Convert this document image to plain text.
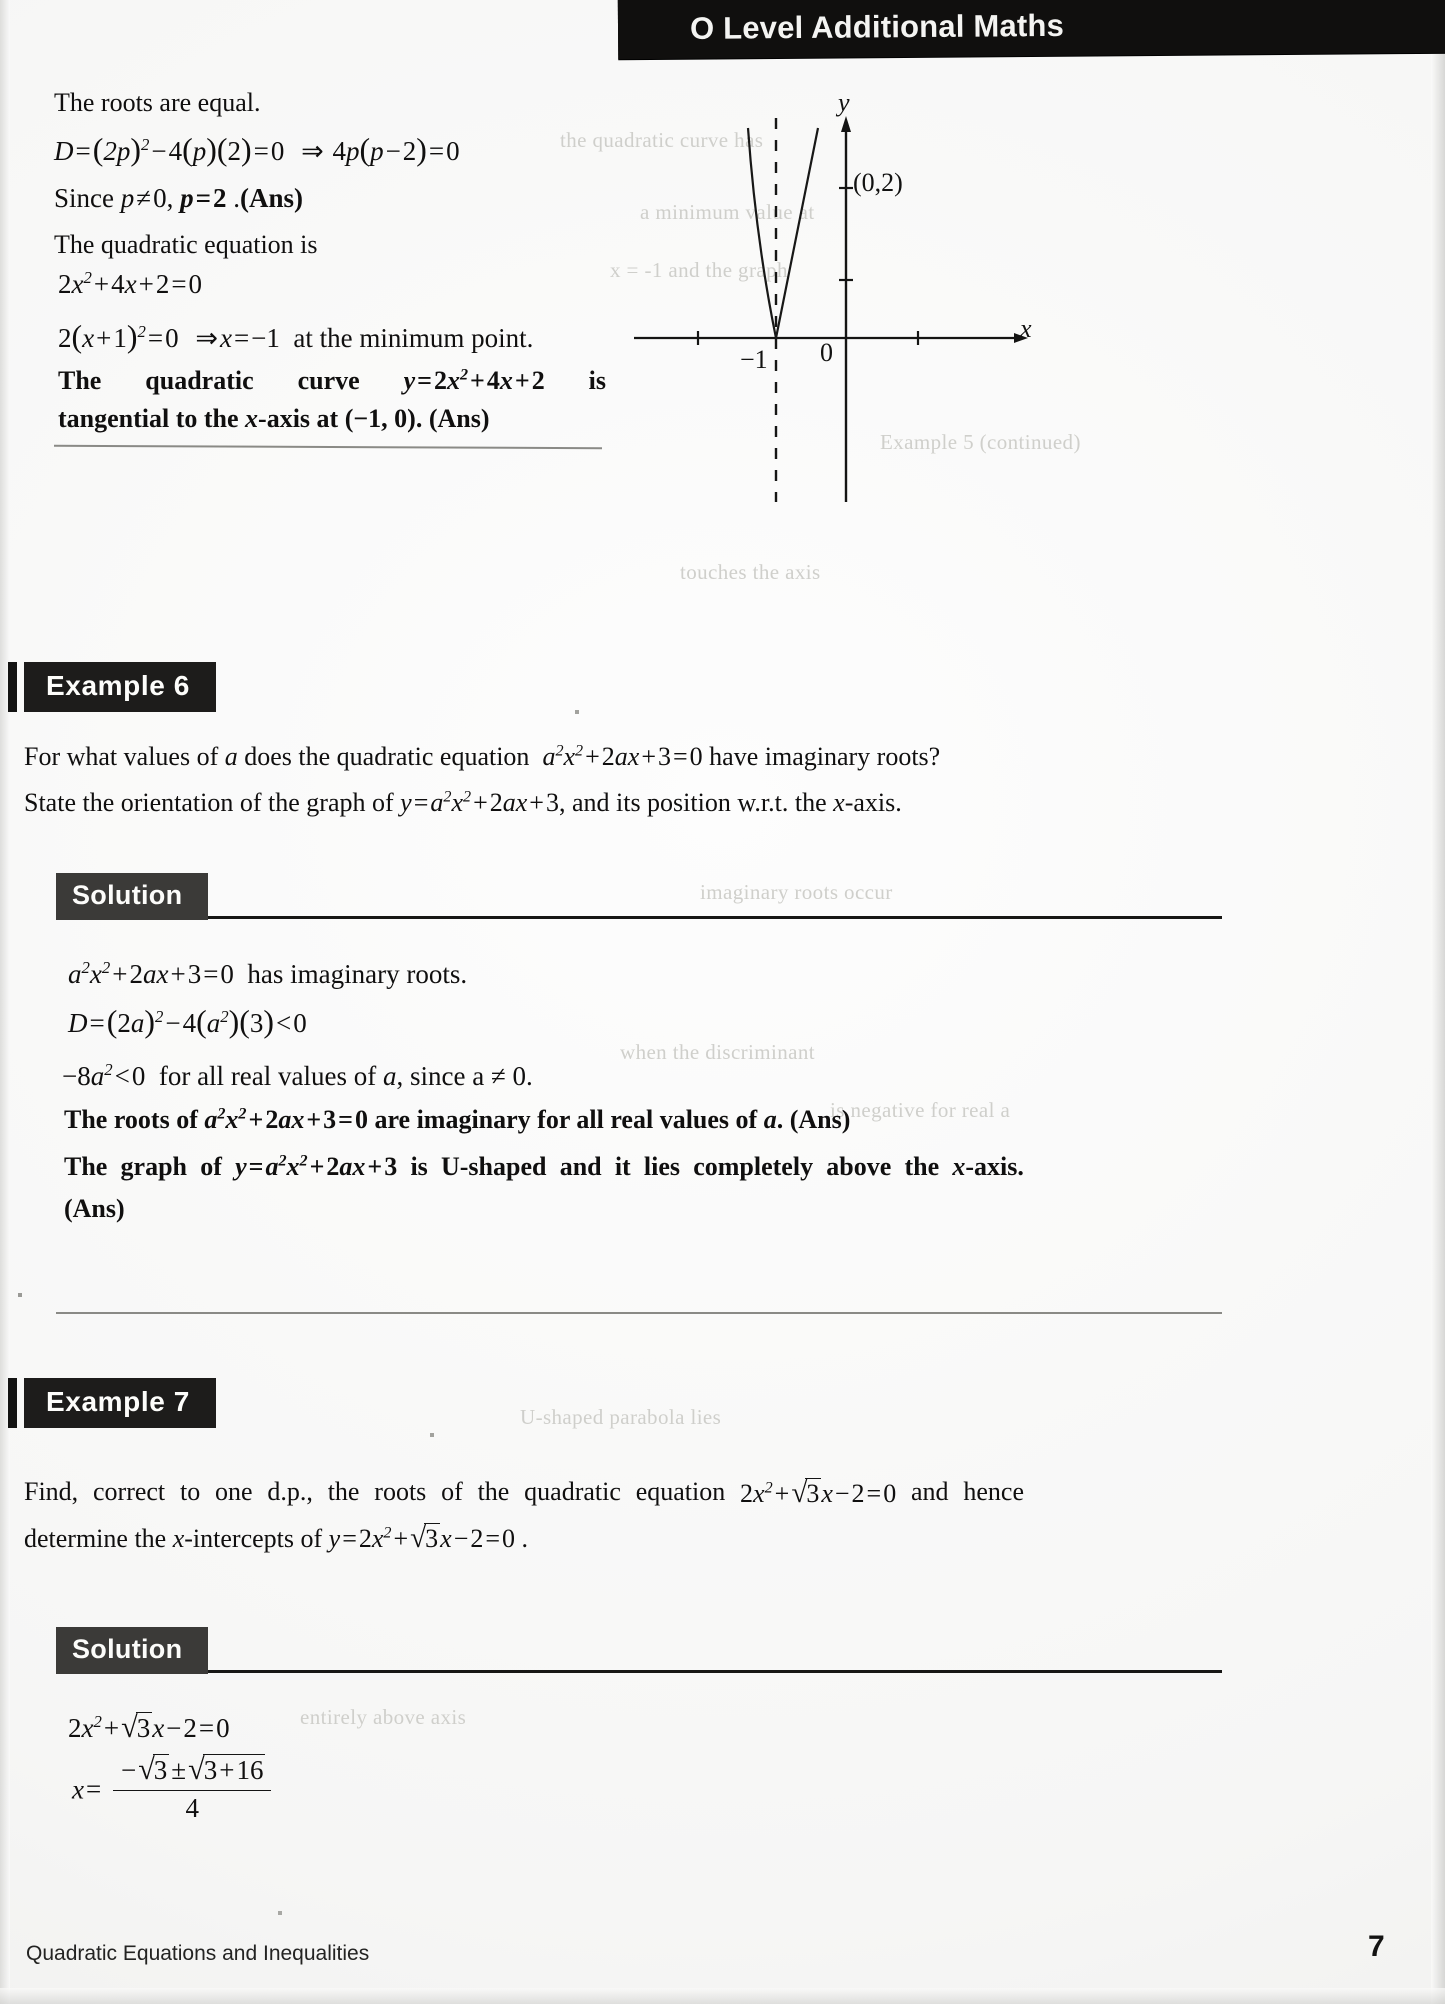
the quadratic curve has
a minimum value at
x = -1 and the graph
touches the axis
Example 5 (continued)
imaginary roots occur
when the discriminant
is negative for real a
U-shaped parabola lies
entirely above axis
O Level Additional Maths
The roots are equal.
$D=(2p)^2-4(p)(2)=0$ ⇒ 4p(p−2)=0
Since p≠0, p=2 .(Ans)
The quadratic equation is
$2x^2+4x+2=0$
$2(x+1)^2=0$ ⇒x=−1  at the minimum point.
The quadratic curve $y=2x^2+4x+2$ is
tangential to the x-axis at (−1, 0). (Ans)
y
x
0
(0,2)
−1
Example 6
For what values of a does the quadratic equation  $a^2x^2+2ax+3=0$ have imaginary roots?
State the orientation of the graph of $y=a^2x^2+2ax+3$, and its position w.r.t. the x-axis.
Solution
$a^2x^2+2ax+3=0$  has imaginary roots.
$D=(2a)^2-4(a^2)(3)<0$
$-8a^2<0$  for all real values of a, since a ≠ 0.
The roots of $a^2x^2+2ax+3=0$ are imaginary for all real values of a. (Ans)
The graph of $y=a^2x^2+2ax+3$ is U-shaped and it lies completely above the x-axis.
(Ans)
Example 7
Find, correct to one d.p., the roots of the quadratic equation $2x^2+√3x-2=0$ and hence
determine the x-intercepts of $y=2x^2+√3x-2=0$ .
Solution
$2x^2+√3x-2=0$
$x= \frac{-√3 \pm√3+16}{4}$
Quadratic Equations and Inequalities	7
